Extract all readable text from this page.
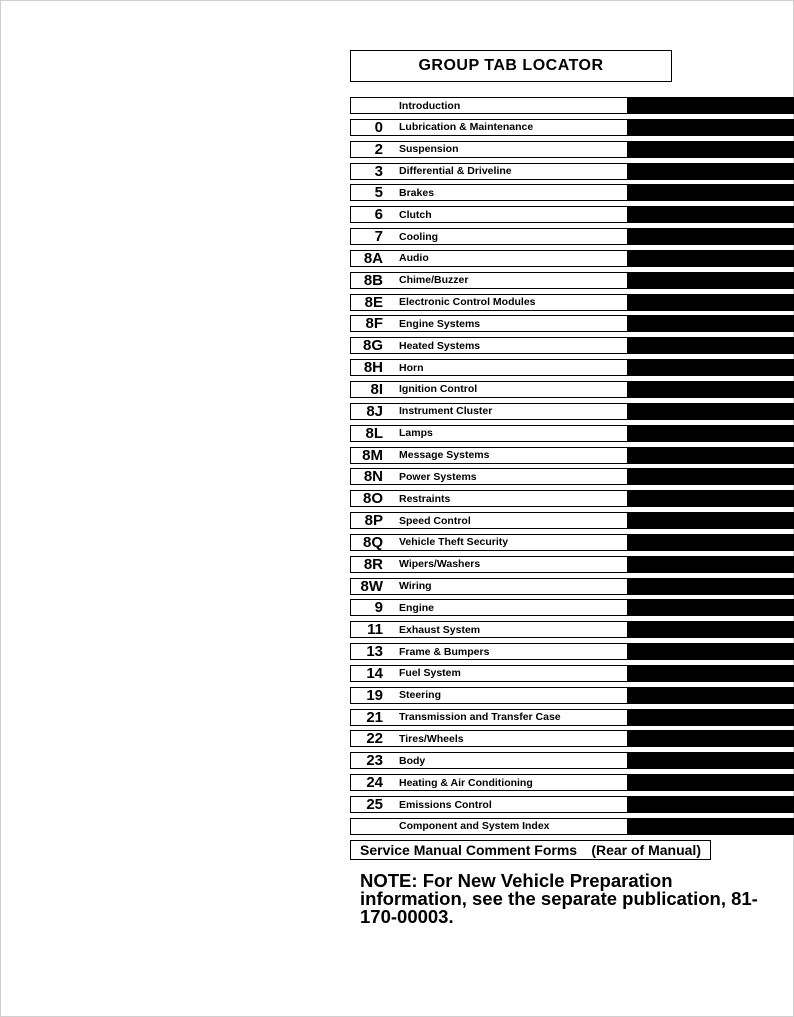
GROUP TAB LOCATOR
Introduction
0 Lubrication & Maintenance
2 Suspension
3 Differential & Driveline
5 Brakes
6 Clutch
7 Cooling
8A Audio
8B Chime/Buzzer
8E Electronic Control Modules
8F Engine Systems
8G Heated Systems
8H Horn
8I Ignition Control
8J Instrument Cluster
8L Lamps
8M Message Systems
8N Power Systems
8O Restraints
8P Speed Control
8Q Vehicle Theft Security
8R Wipers/Washers
8W Wiring
9 Engine
11 Exhaust System
13 Frame & Bumpers
14 Fuel System
19 Steering
21 Transmission and Transfer Case
22 Tires/Wheels
23 Body
24 Heating & Air Conditioning
25 Emissions Control
Component and System Index
Service Manual Comment Forms (Rear of Manual)
NOTE: For New Vehicle Preparation information, see the separate publication, 81-170-00003.
